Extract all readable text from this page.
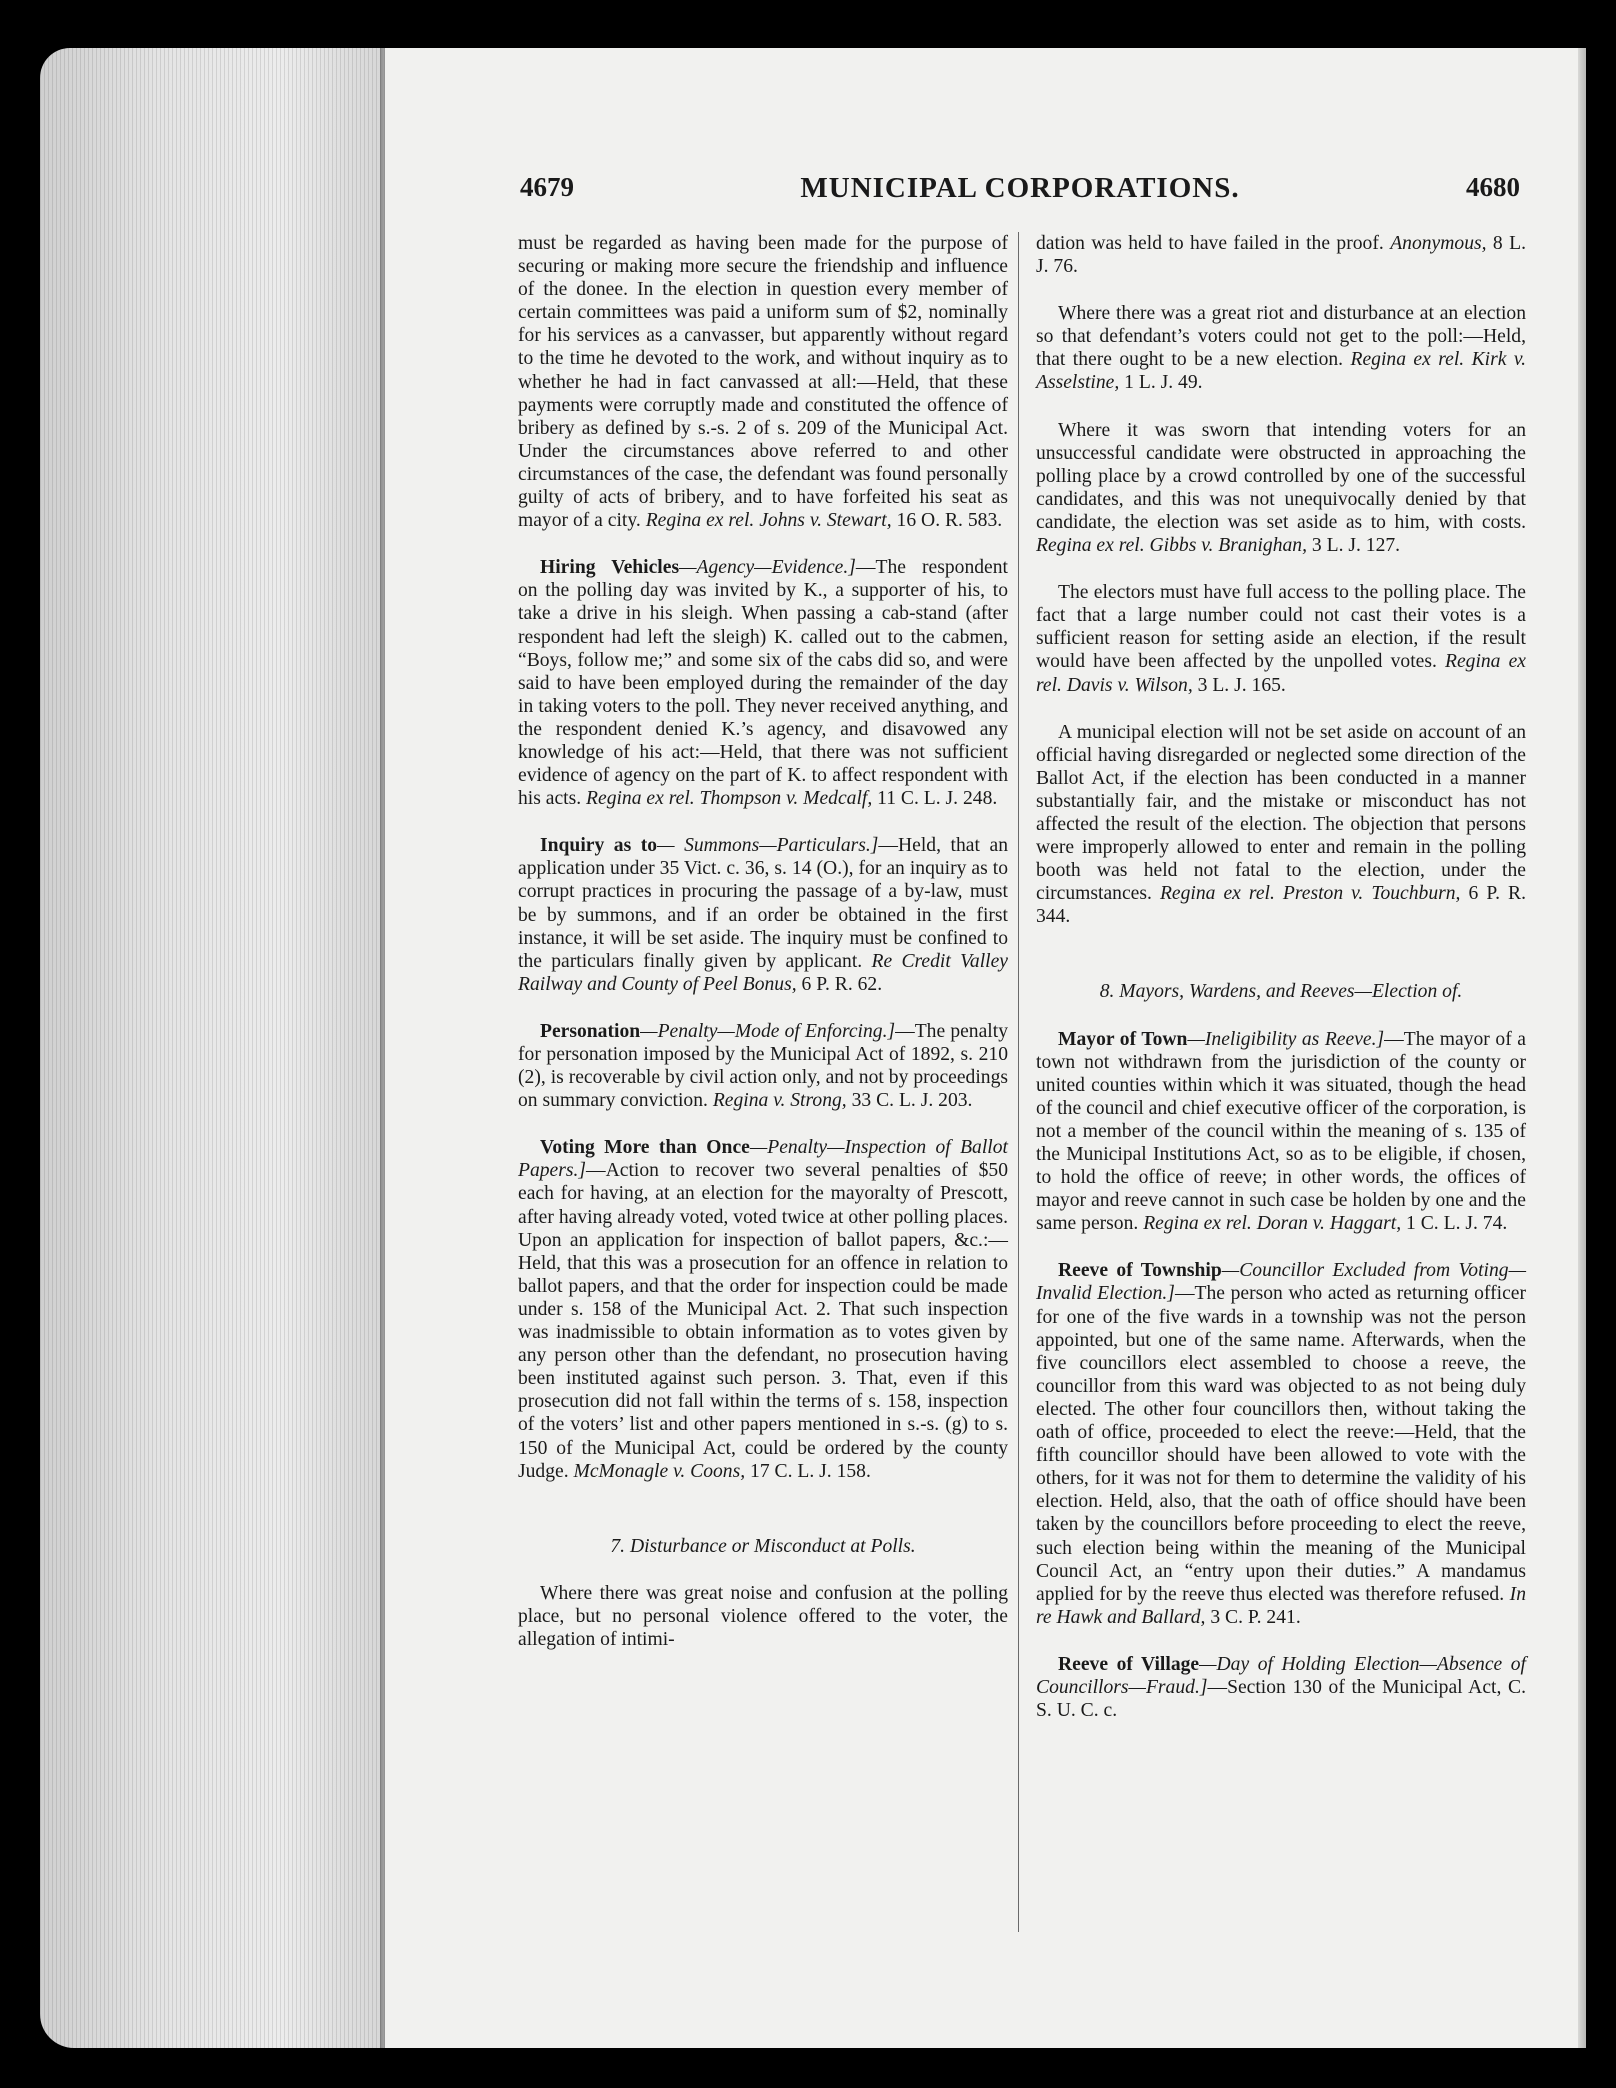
4679	MUNICIPAL CORPORATIONS.	4680

must be regarded as having been made for the purpose of securing or making more secure the friendship and influence of the donee. In the election in question every member of certain committees was paid a uniform sum of $2, nominally for his services as a canvasser, but apparently without regard to the time he devoted to the work, and without inquiry as to whether he had in fact canvassed at all:—Held, that these payments were corruptly made and constituted the offence of bribery as defined by s.-s. 2 of s. 209 of the Municipal Act. Under the circumstances above referred to and other circumstances of the case, the defendant was found personally guilty of acts of bribery, and to have forfeited his seat as mayor of a city. Regina ex rel. Johns v. Stewart, 16 O. R. 583.

Hiring Vehicles—Agency—Evidence.]—The respondent on the polling day was invited by K., a supporter of his, to take a drive in his sleigh. When passing a cab-stand (after respondent had left the sleigh) K. called out to the cabmen, “Boys, follow me;” and some six of the cabs did so, and were said to have been employed during the remainder of the day in taking voters to the poll. They never received anything, and the respondent denied K.’s agency, and disavowed any knowledge of his act:—Held, that there was not sufficient evidence of agency on the part of K. to affect respondent with his acts. Regina ex rel. Thompson v. Medcalf, 11 C. L. J. 248.

Inquiry as to— Summons—Particulars.]—Held, that an application under 35 Vict. c. 36, s. 14 (O.), for an inquiry as to corrupt practices in procuring the passage of a by-law, must be by summons, and if an order be obtained in the first instance, it will be set aside. The inquiry must be confined to the particulars finally given by applicant. Re Credit Valley Railway and County of Peel Bonus, 6 P. R. 62.

Personation—Penalty—Mode of Enforcing.]—The penalty for personation imposed by the Municipal Act of 1892, s. 210 (2), is recoverable by civil action only, and not by proceedings on summary conviction. Regina v. Strong, 33 C. L. J. 203.

Voting More than Once—Penalty—Inspection of Ballot Papers.]—Action to recover two several penalties of $50 each for having, at an election for the mayoralty of Prescott, after having already voted, voted twice at other polling places. Upon an application for inspection of ballot papers, &c.:—Held, that this was a prosecution for an offence in relation to ballot papers, and that the order for inspection could be made under s. 158 of the Municipal Act. 2. That such inspection was inadmissible to obtain information as to votes given by any person other than the defendant, no prosecution having been instituted against such person. 3. That, even if this prosecution did not fall within the terms of s. 158, inspection of the voters’ list and other papers mentioned in s.-s. (g) to s. 150 of the Municipal Act, could be ordered by the county Judge. McMonagle v. Coons, 17 C. L. J. 158.

7. Disturbance or Misconduct at Polls.

Where there was great noise and confusion at the polling place, but no personal violence offered to the voter, the allegation of intimi-

dation was held to have failed in the proof. Anonymous, 8 L. J. 76.

Where there was a great riot and disturbance at an election so that defendant’s voters could not get to the poll:—Held, that there ought to be a new election. Regina ex rel. Kirk v. Asselstine, 1 L. J. 49.

Where it was sworn that intending voters for an unsuccessful candidate were obstructed in approaching the polling place by a crowd controlled by one of the successful candidates, and this was not unequivocally denied by that candidate, the election was set aside as to him, with costs. Regina ex rel. Gibbs v. Branighan, 3 L. J. 127.

The electors must have full access to the polling place. The fact that a large number could not cast their votes is a sufficient reason for setting aside an election, if the result would have been affected by the unpolled votes. Regina ex rel. Davis v. Wilson, 3 L. J. 165.

A municipal election will not be set aside on account of an official having disregarded or neglected some direction of the Ballot Act, if the election has been conducted in a manner substantially fair, and the mistake or misconduct has not affected the result of the election. The objection that persons were improperly allowed to enter and remain in the polling booth was held not fatal to the election, under the circumstances. Regina ex rel. Preston v. Touchburn, 6 P. R. 344.

8. Mayors, Wardens, and Reeves—Election of.

Mayor of Town—Ineligibility as Reeve.]—The mayor of a town not withdrawn from the jurisdiction of the county or united counties within which it was situated, though the head of the council and chief executive officer of the corporation, is not a member of the council within the meaning of s. 135 of the Municipal Institutions Act, so as to be eligible, if chosen, to hold the office of reeve; in other words, the offices of mayor and reeve cannot in such case be holden by one and the same person. Regina ex rel. Doran v. Haggart, 1 C. L. J. 74.

Reeve of Township—Councillor Excluded from Voting—Invalid Election.]—The person who acted as returning officer for one of the five wards in a township was not the person appointed, but one of the same name. Afterwards, when the five councillors elect assembled to choose a reeve, the councillor from this ward was objected to as not being duly elected. The other four councillors then, without taking the oath of office, proceeded to elect the reeve:—Held, that the fifth councillor should have been allowed to vote with the others, for it was not for them to determine the validity of his election. Held, also, that the oath of office should have been taken by the councillors before proceeding to elect the reeve, such election being within the meaning of the Municipal Council Act, an “entry upon their duties.” A mandamus applied for by the reeve thus elected was therefore refused. In re Hawk and Ballard, 3 C. P. 241.

Reeve of Village—Day of Holding Election—Absence of Councillors—Fraud.]—Section 130 of the Municipal Act, C. S. U. C. c.
